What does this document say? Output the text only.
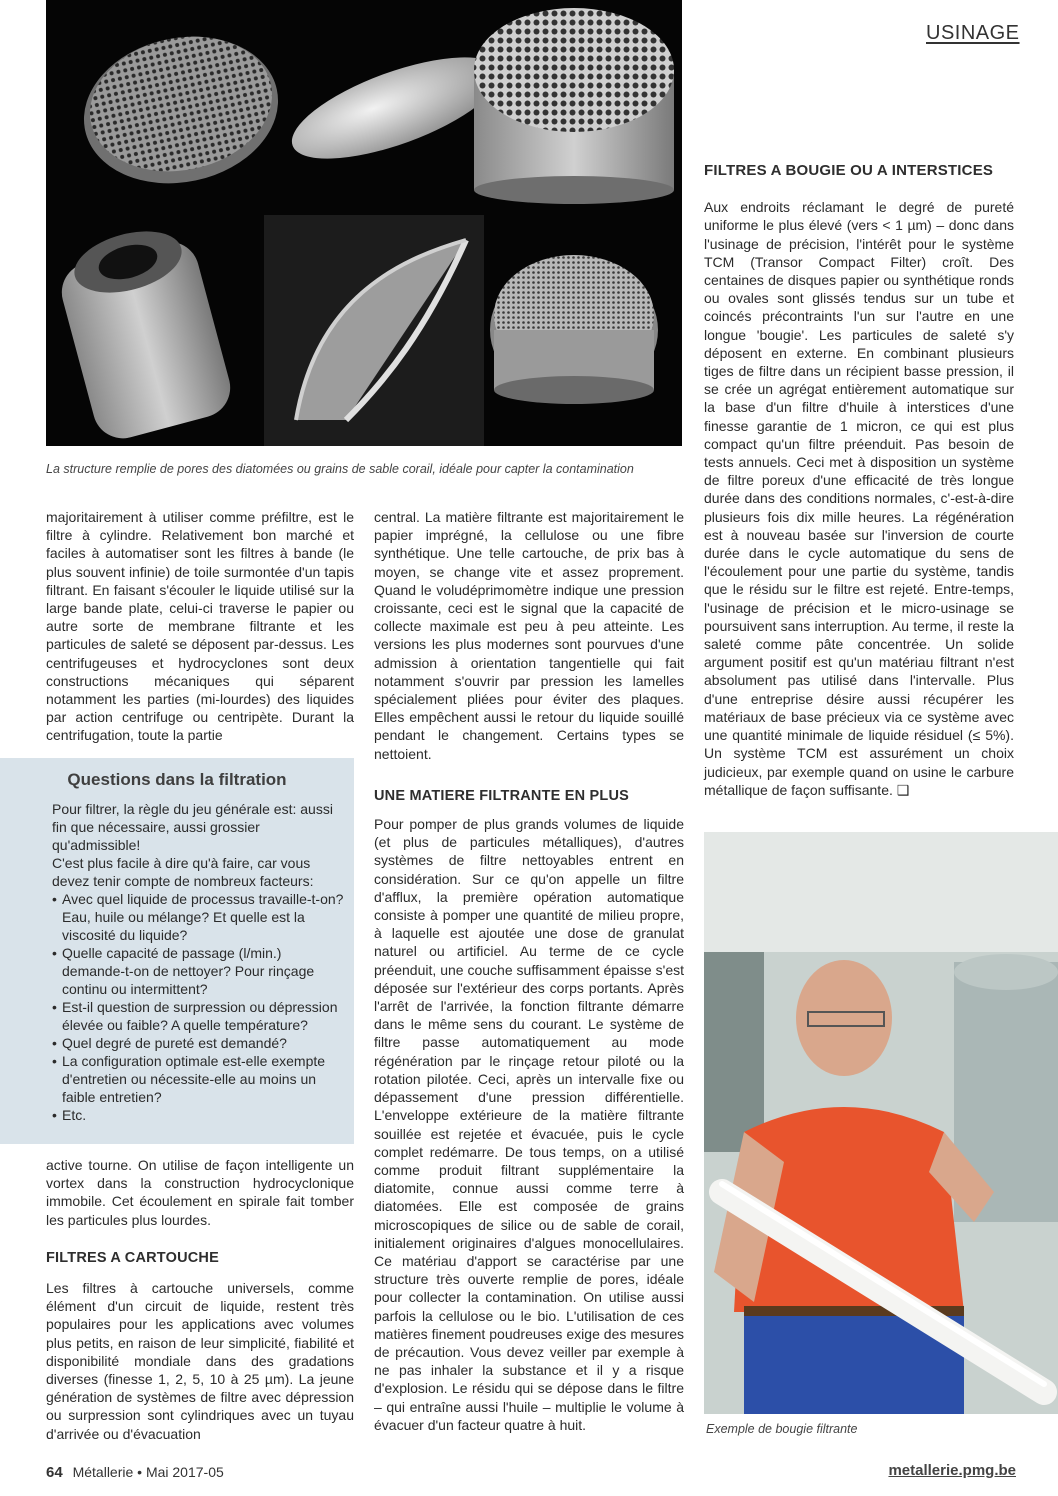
USINAGE
La structure remplie de pores des diatomées ou grains de sable corail, idéale pour capter la contamination

majoritairement à utiliser comme préfiltre, est le filtre à cylindre. Relativement bon marché et faciles à automatiser sont les filtres à bande (le plus souvent infinie) de toile surmontée d'un tapis filtrant. En faisant s'écouler le liquide utilisé sur la large bande plate, celui-ci traverse le papier ou autre sorte de membrane filtrante et les particules de saleté se déposent par-dessus. Les centrifugeuses et hydrocyclones sont deux constructions mécaniques qui séparent notamment les parties (mi-lourdes) des liquides par action centrifuge ou centripète. Durant la centrifugation, toute la partie

Questions dans la filtration

Pour filtrer, la règle du jeu générale est: aussi fin que nécessaire, aussi grossier qu'admissible!

C'est plus facile à dire qu'à faire, car vous devez tenir compte de nombreux facteurs:

• Avec quel liquide de processus travaille-t-on? Eau, huile ou mélange? Et quelle est la viscosité du liquide?
• Quelle capacité de passage (l/min.) demande-t-on de nettoyer? Pour rinçage continu ou intermittent?
• Est-il question de surpression ou dépression élevée ou faible? A quelle température?
• Quel degré de pureté est demandé?
• La configuration optimale est-elle exempte d'entretien ou nécessite-elle au moins un faible entretien?
• Etc.

active tourne. On utilise de façon intelligente un vortex dans la construction hydrocyclonique immobile. Cet écoulement en spirale fait tomber les particules plus lourdes.

FILTRES A CARTOUCHE

Les filtres à cartouche universels, comme élément d'un circuit de liquide, restent très populaires pour les applications avec volumes plus petits, en raison de leur simplicité, fiabilité et disponibilité mondiale dans des gradations diverses (finesse 1, 2, 5, 10 à 25 µm). La jeune génération de systèmes de filtre avec dépression ou surpression sont cylindriques avec un tuyau d'arrivée ou d'évacuation

central. La matière filtrante est majoritairement le papier imprégné, la cellulose ou une fibre synthétique. Une telle cartouche, de prix bas à moyen, se change vite et assez proprement. Quand le voludéprimomètre indique une pression croissante, ceci est le signal que la capacité de collecte maximale est peu à peu atteinte. Les versions les plus modernes sont pourvues d'une admission à orientation tangentielle qui fait notamment s'ouvrir par pression les lamelles spécialement pliées pour éviter des plaques. Elles empêchent aussi le retour du liquide souillé pendant le changement. Certains types se nettoient.

UNE MATIERE FILTRANTE EN PLUS

Pour pomper de plus grands volumes de liquide (et plus de particules métalliques), d'autres systèmes de filtre nettoyables entrent en considération. Sur ce qu'on appelle un filtre d'afflux, la première opération automatique consiste à pomper une quantité de milieu propre, à laquelle est ajoutée une dose de granulat naturel ou artificiel. Au terme de ce cycle préenduit, une couche suffisamment épaisse s'est déposée sur l'extérieur des corps portants. Après l'arrêt de l'arrivée, la fonction filtrante démarre dans le même sens du courant. Le système de filtre passe automatiquement au mode régénération par le rinçage retour piloté ou la rotation pilotée. Ceci, après un intervalle fixe ou dépassement d'une pression différentielle. L'enveloppe extérieure de la matière filtrante souillée est rejetée et évacuée, puis le cycle complet redémarre. De tous temps, on a utilisé comme produit filtrant supplémentaire la diatomite, connue aussi comme terre à diatomées. Elle est composée de grains microscopiques de silice ou de sable de corail, initialement originaires d'algues monocellulaires. Ce matériau d'apport se caractérise par une structure très ouverte remplie de pores, idéale pour collecter la contamination. On utilise aussi parfois la cellulose ou le bio. L'utilisation de ces matières finement poudreuses exige des mesures de précaution. Vous devez veiller par exemple à ne pas inhaler la substance et il y a risque d'explosion. Le résidu qui se dépose dans le filtre – qui entraîne aussi l'huile – multiplie le volume à évacuer d'un facteur quatre à huit.

FILTRES A BOUGIE OU A INTERSTICES

Aux endroits réclamant le degré de pureté uniforme le plus élevé (vers < 1 µm) – donc dans l'usinage de précision, l'intérêt pour le système TCM (Transor Compact Filter) croît. Des centaines de disques papier ou synthétique ronds ou ovales sont glissés tendus sur un tube et coincés précontraints l'un sur l'autre en une longue 'bougie'. Les particules de saleté s'y déposent en externe. En combinant plusieurs tiges de filtre dans un récipient basse pression, il se crée un agrégat entièrement automatique sur la base d'un filtre d'huile à interstices d'une finesse garantie de 1 micron, ce qui est plus compact qu'un filtre préenduit. Pas besoin de tests annuels. Ceci met à disposition un système de filtre poreux d'une efficacité de très longue durée dans des conditions normales, c'-est-à-dire plusieurs fois dix mille heures. La régénération est à nouveau basée sur l'inversion de courte durée dans le cycle automatique du sens de l'écoulement pour une partie du système, tandis que le résidu sur le filtre est rejeté. Entre-temps, l'usinage de précision et le micro-usinage se poursuivent sans interruption. Au terme, il reste la saleté comme pâte concentrée. Un solide argument positif est qu'un matériau filtrant n'est absolument pas utilisé dans l'intervalle. Plus d'une entreprise désire aussi récupérer les matériaux de base précieux via ce système avec une quantité minimale de liquide résiduel (≤ 5%). Un système TCM est assurément un choix judicieux, par exemple quand on usine le carbure métallique de façon suffisante. ❑

Exemple de bougie filtrante
64 Métallerie • Mai 2017-05	metallerie.pmg.be
